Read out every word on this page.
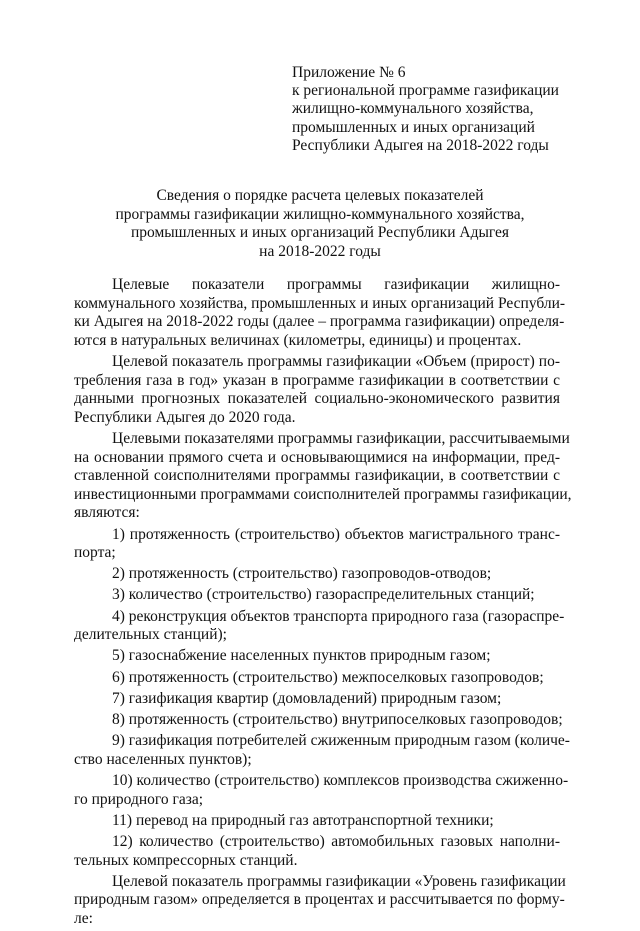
Приложение № 6
к региональной программе газификации
жилищно-коммунального хозяйства,
промышленных и иных организаций
Республики Адыгея на 2018-2022 годы
Сведения о порядке расчета целевых показателей
программы газификации жилищно-коммунального хозяйства,
промышленных и иных организаций Республики Адыгея
на 2018-2022 годы
Целевые показатели программы газификации жилищно-
коммунального хозяйства, промышленных и иных организаций Республи-
ки Адыгея на 2018-2022 годы (далее – программа газификации) определя-
ются в натуральных величинах (километры, единицы) и процентах.
Целевой показатель программы газификации «Объем (прирост) по-
требления газа в год» указан в программе газификации в соответствии с
данными прогнозных показателей социально-экономического развития
Республики Адыгея до 2020 года.
Целевыми показателями программы газификации, рассчитываемыми
на основании прямого счета и основывающимися на информации, пред-
ставленной соисполнителями программы газификации, в соответствии с
инвестиционными программами соисполнителей программы газификации,
являются:
1) протяженность (строительство) объектов магистрального транс-
порта;
2) протяженность (строительство) газопроводов-отводов;
3) количество (строительство) газораспределительных станций;
4) реконструкция объектов транспорта природного газа (газораспре-
делительных станций);
5) газоснабжение населенных пунктов природным газом;
6) протяженность (строительство) межпоселковых газопроводов;
7) газификация квартир (домовладений) природным газом;
8) протяженность (строительство) внутрипоселковых газопроводов;
9) газификация потребителей сжиженным природным газом (количе-
ство населенных пунктов);
10) количество (строительство) комплексов производства сжиженно-
го природного газа;
11) перевод на природный газ автотранспортной техники;
12) количество (строительство) автомобильных газовых наполни-
тельных компрессорных станций.
Целевой показатель программы газификации «Уровень газификации
природным газом» определяется в процентах и рассчитывается по форму-
ле:
